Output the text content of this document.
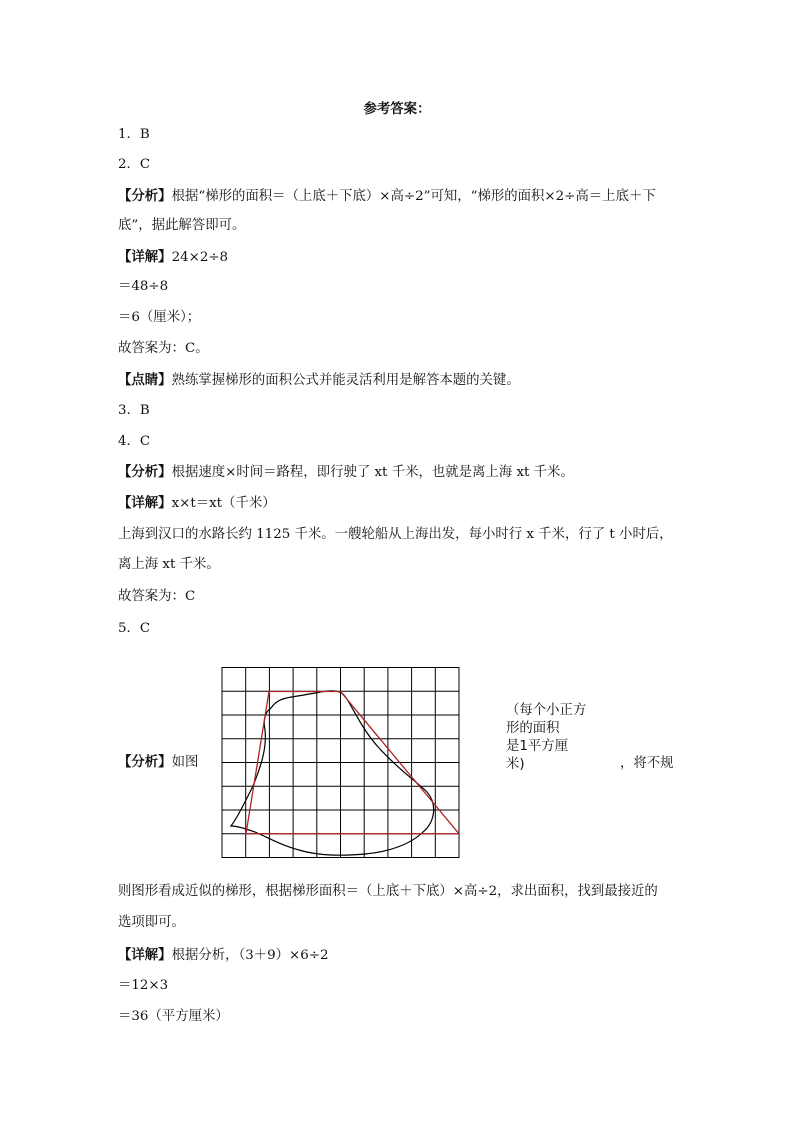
参考答案：
1．B
2．C
【分析】根据“梯形的面积＝（上底＋下底）×高÷2”可知，“梯形的面积×2÷高＝上底＋下
底”，据此解答即可。
【详解】24×2÷8
＝48÷8
＝6（厘米）；
故答案为：C。
【点睛】熟练掌握梯形的面积公式并能灵活利用是解答本题的关键。
3．B
4．C
【分析】根据速度×时间＝路程，即行驶了 xt 千米，也就是离上海 xt 千米。
【详解】x×t＝xt（千米）
上海到汉口的水路长约 1125 千米。一艘轮船从上海出发，每小时行 x 千米，行了 t 小时后，
离上海 xt 千米。
故答案为：C
5．C
【分析】如图
（每个小正方
形的面积
是1平方厘
米)	，将不规
则图形看成近似的梯形，根据梯形面积＝（上底＋下底）×高÷2，求出面积，找到最接近的
选项即可。
【详解】根据分析，（3＋9）×6÷2
＝12×3
＝36（平方厘米）
